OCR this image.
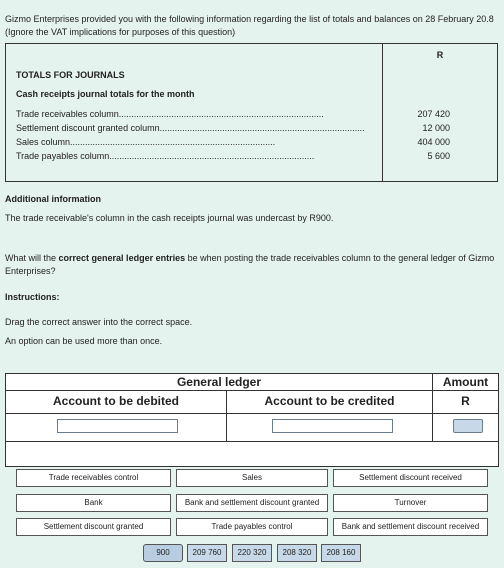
Gizmo Enterprises provided you with the following information regarding the list of totals and balances on 28 February 20.8 (Ignore the VAT implications for purposes of this question)

R
TOTALS FOR JOURNALS
Cash receipts journal totals for the month
Trade receivables column..................................................................................	207 420
Settlement discount granted column..................................................................................	12 000
Sales column..................................................................................	404 000
Trade payables column..................................................................................	5 600

Additional information

The trade receivable's column in the cash receipts journal was undercast by R900.

What will the correct general ledger entries be when posting the trade receivables column to the general ledger of Gizmo Enterprises?

Instructions:

Drag the correct answer into the correct space.

An option can be used more than once.

General ledger	Amount
Account to be debited	Account to be credited	R
Trade receivables control	Sales	Settlement discount received
Bank	Bank and settlement discount granted	Turnover
Settlement discount granted	Trade payables control	Bank and settlement discount received
900	209 760	220 320	208 320	208 160
